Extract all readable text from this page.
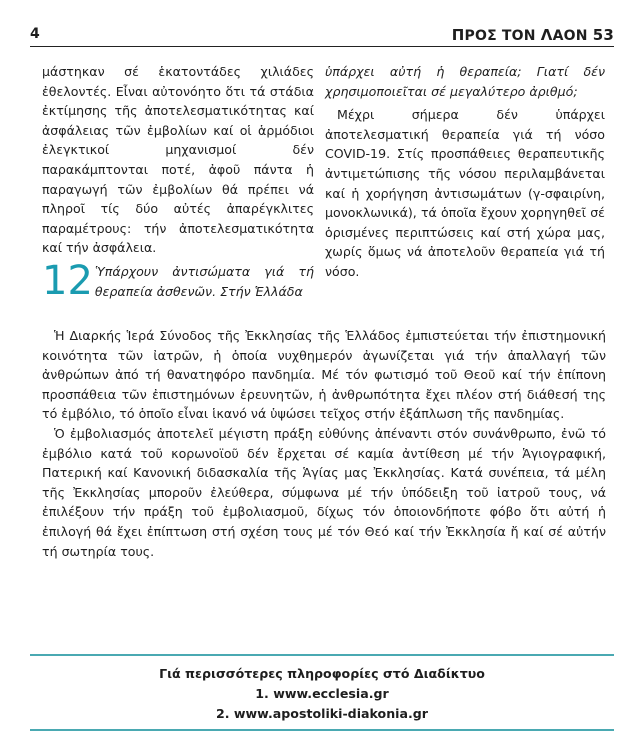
4	ΠΡΟΣ ΤΟΝ ΛΑΟΝ 53

μάστηκαν σέ ἑκατοντάδες χιλιάδες ἐθελοντές. Εἶναι αὐτονόητο ὅτι τά στάδια ἐκτίμησης τῆς ἀποτελεσματικότητας καί ἀσφάλειας τῶν ἐμβολίων καί οἱ ἁρμόδιοι ἐλεγκτικοί μηχανισμοί δέν παρακάμπτονται ποτέ, ἀφοῦ πάντα ἡ παραγωγή τῶν ἐμβολίων θά πρέπει νά πληροῖ τίς δύο αὐτές ἀπαρέγκλιτες παραμέτρους: τήν ἀποτελεσματικότητα καί τήν ἀσφάλεια.

12 Ὑπάρχουν ἀντισώματα γιά τή θεραπεία ἀσθενῶν. Στήν Ἑλλάδα

ὑπάρχει αὐτή ἡ θεραπεία; Γιατί δέν χρησιμοποιεῖται σέ μεγαλύτερο ἀριθμό;

Μέχρι σήμερα δέν ὑπάρχει ἀποτελεσματική θεραπεία γιά τή νόσο COVID-19. Στίς προσπάθειες θεραπευτικῆς ἀντιμετώπισης τῆς νόσου περιλαμβάνεται καί ἡ χορήγηση ἀντισωμάτων (γ-σφαιρίνη, μονοκλωνικά), τά ὁποῖα ἔχουν χορηγηθεῖ σέ ὁρισμένες περιπτώσεις καί στή χώρα μας, χωρίς ὅμως νά ἀποτελοῦν θεραπεία γιά τή νόσο.

Ἡ Διαρκής Ἱερά Σύνοδος τῆς Ἐκκλησίας τῆς Ἑλλάδος ἐμπιστεύεται τήν ἐπιστημονική κοινότητα τῶν ἰατρῶν, ἡ ὁποία νυχθημερόν ἀγωνίζεται γιά τήν ἀπαλλαγή τῶν ἀνθρώπων ἀπό τή θανατηφόρο πανδημία. Μέ τόν φωτισμό τοῦ Θεοῦ καί τήν ἐπίπονη προσπάθεια τῶν ἐπιστημόνων ἐρευνητῶν, ἡ ἀνθρωπότητα ἔχει πλέον στή διάθεσή της τό ἐμβόλιο, τό ὁποῖο εἶναι ἱκανό νά ὑψώσει τεῖχος στήν ἐξάπλωση τῆς πανδημίας.

Ὁ ἐμβολιασμός ἀποτελεῖ μέγιστη πράξη εὐθύνης ἀπέναντι στόν συνάνθρωπο, ἐνῶ τό ἐμβόλιο κατά τοῦ κορωνοϊοῦ δέν ἔρχεται σέ καμία ἀντίθεση μέ τήν Ἁγιογραφική, Πατερική καί Κανονική διδασκαλία τῆς Ἁγίας μας Ἐκκλησίας. Κατά συνέπεια, τά μέλη τῆς Ἐκκλησίας μποροῦν ἐλεύθερα, σύμφωνα μέ τήν ὑπόδειξη τοῦ ἰατροῦ τους, νά ἐπιλέξουν τήν πράξη τοῦ ἐμβολιασμοῦ, δίχως τόν ὁποιονδήποτε φόβο ὅτι αὐτή ἡ ἐπιλογή θά ἔχει ἐπίπτωση στή σχέση τους μέ τόν Θεό καί τήν Ἐκκλησία ἤ καί σέ αὐτήν τή σωτηρία τους.

Γιά περισσότερες πληροφορίες στό Διαδίκτυο
1. www.ecclesia.gr
2. www.apostoliki-diakonia.gr
